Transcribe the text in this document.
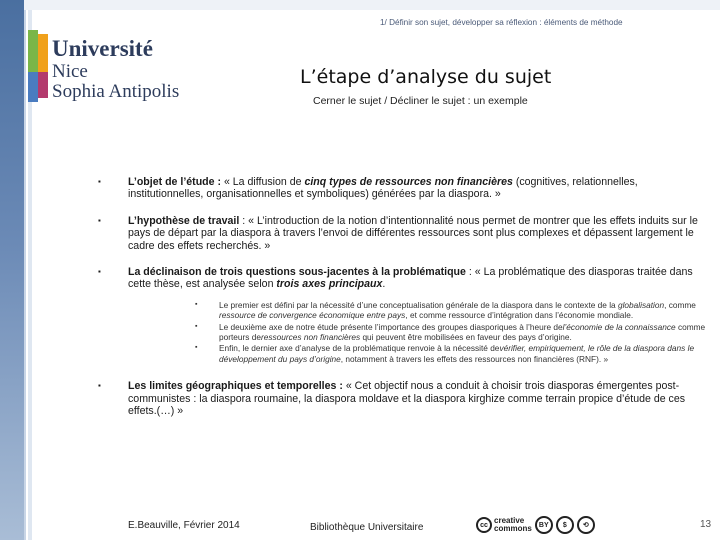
1/ Définir son sujet, développer sa réflexion : éléments de méthode
Université
Nice
Sophia Antipolis
L’étape d’analyse du sujet
Cerner le sujet / Décliner le sujet : un exemple
▪	L’objet de l’étude : « La diffusion de cinq types de ressources non financières (cognitives, relationnelles, institutionnelles, organisationnelles et symboliques) générées par la diaspora. »
▪	L’hypothèse de travail : « L’introduction de la notion d’intentionnalité nous permet de montrer que les effets induits sur le pays de départ par la diaspora à travers l’envoi de différentes ressources sont plus complexes et dépassent largement le cadre des effets recherchés. »
▪	La déclinaison de trois questions sous-jacentes à la problématique : « La problématique des diasporas traitée dans cette thèse, est analysée selon trois axes principaux.
▪	Le premier est défini par la nécessité d’une conceptualisation générale de la diaspora dans le contexte de la globalisation, comme ressource de convergence économique entre pays, et comme ressource d’intégration dans l’économie mondiale.
▪	Le deuxième axe de notre étude présente l’importance des groupes diasporiques à l’heure del’économie de la connaissance comme porteurs deressources non financières qui peuvent être mobilisées en faveur des pays d’origine.
▪	Enfin, le dernier axe d’analyse de la problématique renvoie à la nécessité devérifier, empiriquement, le rôle de la diaspora dans le développement du pays d’origine, notamment à travers les effets des ressources non financières (RNF). »
▪	Les limites géographiques et temporelles : « Cet objectif nous a conduit à choisir trois diasporas émergentes post-communistes : la diaspora roumaine, la diaspora moldave et la diaspora kirghize comme terrain propice d’étude de ces effets.(…) »
E.Beauville, Février 2014	Bibliothèque Universitaire	cc creative
commons	BY	$	⟲	13
